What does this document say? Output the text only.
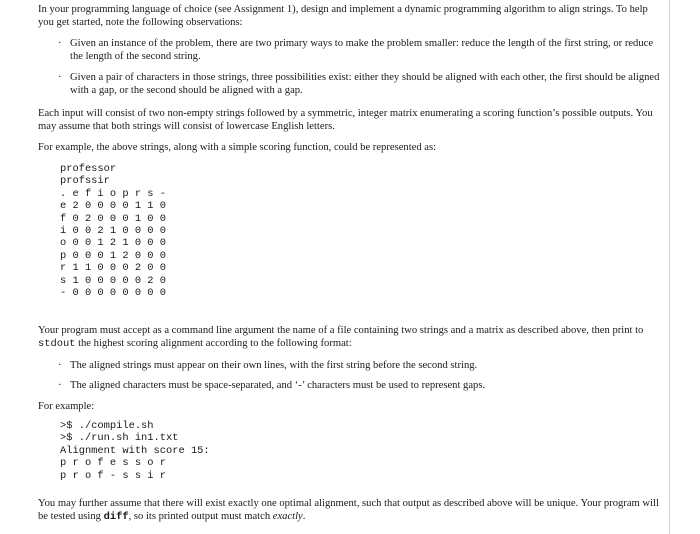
In your programming language of choice (see Assignment 1), design and implement a dynamic programming algorithm to align strings. To help you get started, note the following observations:

· Given an instance of the problem, there are two primary ways to make the problem smaller: reduce the length of the first string, or reduce the length of the second string.
· Given a pair of characters in those strings, three possibilities exist: either they should be aligned with each other, the first should be aligned with a gap, or the second should be aligned with a gap.

Each input will consist of two non-empty strings followed by a symmetric, integer matrix enumerating a scoring function’s possible outputs. You may assume that both strings will consist of lowercase English letters.

For example, the above strings, along with a simple scoring function, could be represented as:

professor
profssir
. e f i o p r s -
e 2 0 0 0 0 1 1 0
f 0 2 0 0 0 1 0 0
i 0 0 2 1 0 0 0 0
o 0 0 1 2 1 0 0 0
p 0 0 0 1 2 0 0 0
r 1 1 0 0 0 2 0 0
s 1 0 0 0 0 0 2 0
- 0 0 0 0 0 0 0 0

Your program must accept as a command line argument the name of a file containing two strings and a matrix as described above, then print to stdout the highest scoring alignment according to the following format:

· The aligned strings must appear on their own lines, with the first string before the second string.
· The aligned characters must be space-separated, and ‘-’ characters must be used to represent gaps.

For example:

>$ ./compile.sh
>$ ./run.sh in1.txt
Alignment with score 15:
p r o f e s s o r
p r o f - s s i r

You may further assume that there will exist exactly one optimal alignment, such that output as described above will be unique. Your program will be tested using diff, so its printed output must match exactly.
